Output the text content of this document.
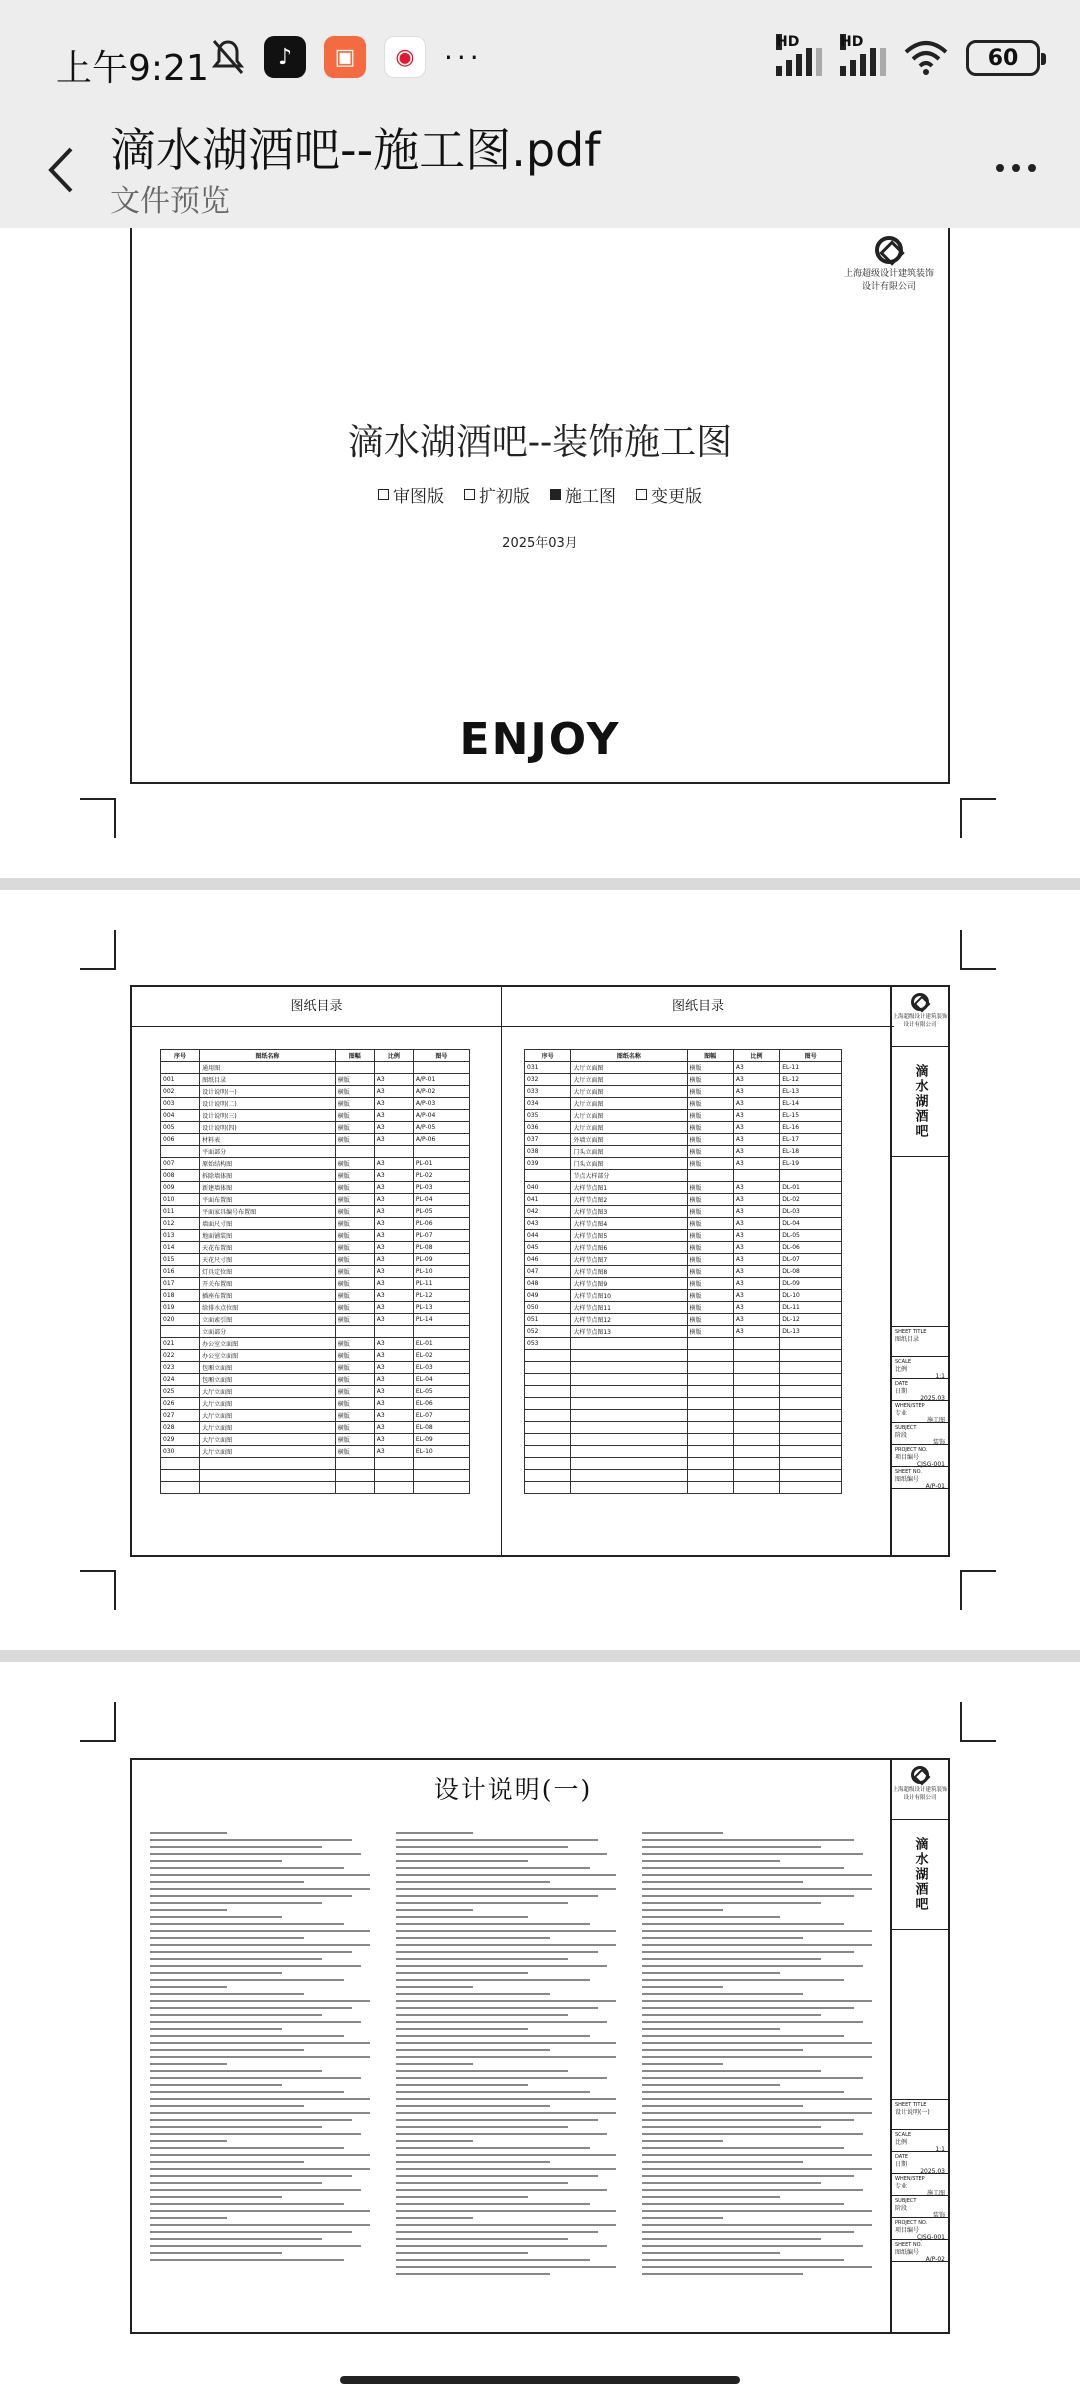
上午9:21	♪	▣	◉	···	HD	HD
60
滴水湖酒吧--施工图.pdf
文件预览
上海超级设计建筑装饰
设计有限公司
滴水湖酒吧--装饰施工图
审图版 扩初版 施工图 变更版
2025年03月
ENJOY
图纸目录
序号	图纸名称	图幅	比例	图号
	通用图			
001	图纸目录	横版	A3	A/P-01
002	设计说明(一)	横版	A3	A/P-02
003	设计说明(二)	横版	A3	A/P-03
004	设计说明(三)	横版	A3	A/P-04
005	设计说明(四)	横版	A3	A/P-05
006	材料表	横版	A3	A/P-06
	平面部分			
007	原始结构图	横版	A3	PL-01
008	拆除墙体图	横版	A3	PL-02
009	新建墙体图	横版	A3	PL-03
010	平面布置图	横版	A3	PL-04
011	平面家具编号布置图	横版	A3	PL-05
012	墙面尺寸图	横版	A3	PL-06
013	地面铺装图	横版	A3	PL-07
014	天花布置图	横版	A3	PL-08
015	天花尺寸图	横版	A3	PL-09
016	灯具定位图	横版	A3	PL-10
017	开关布置图	横版	A3	PL-11
018	插座布置图	横版	A3	PL-12
019	给排水点位图	横版	A3	PL-13
020	立面索引图	横版	A3	PL-14
	立面部分			
021	办公室立面图	横版	A3	EL-01
022	办公室立面图	横版	A3	EL-02
023	包厢立面图	横版	A3	EL-03
024	包厢立面图	横版	A3	EL-04
025	大厅立面图	横版	A3	EL-05
026	大厅立面图	横版	A3	EL-06
027	大厅立面图	横版	A3	EL-07
028	大厅立面图	横版	A3	EL-08
029	大厅立面图	横版	A3	EL-09
030	大厅立面图	横版	A3	EL-10

图纸目录
序号	图纸名称	图幅	比例	图号
031	大厅立面图	横版	A3	EL-11
032	大厅立面图	横版	A3	EL-12
033	大厅立面图	横版	A3	EL-13
034	大厅立面图	横版	A3	EL-14
035	大厅立面图	横版	A3	EL-15
036	大厅立面图	横版	A3	EL-16
037	外墙立面图	横版	A3	EL-17
038	门头立面图	横版	A3	EL-18
039	门头立面图	横版	A3	EL-19
	节点大样部分			
040	大样节点图1	横版	A3	DL-01
041	大样节点图2	横版	A3	DL-02
042	大样节点图3	横版	A3	DL-03
043	大样节点图4	横版	A3	DL-04
044	大样节点图5	横版	A3	DL-05
045	大样节点图6	横版	A3	DL-06
046	大样节点图7	横版	A3	DL-07
047	大样节点图8	横版	A3	DL-08
048	大样节点图9	横版	A3	DL-09
049	大样节点图10	横版	A3	DL-10
050	大样节点图11	横版	A3	DL-11
051	大样节点图12	横版	A3	DL-12
052	大样节点图13	横版	A3	DL-13
053				

上海超级设计建筑装饰
设计有限公司
滴水湖酒吧
SHEET TITLE
图纸目录
SCALE
比例
1:1
DATE
日期
2025.03
WHEN/STEP
专业
施工图
SUBJECT
阶段
装饰
PROJECT NO.
项目编号
CJSG-001
SHEET NO.
图纸编号
A/P-01
设计说明(一)	上海超级设计建筑装饰
设计有限公司
滴水湖酒吧
SHEET TITLE
设计说明(一)
SCALE
比例
1:1
DATE
日期
2025.03
WHEN/STEP
专业
施工图
SUBJECT
阶段
装饰
PROJECT NO.
项目编号
CJSG-001
SHEET NO.
图纸编号
A/P-02
